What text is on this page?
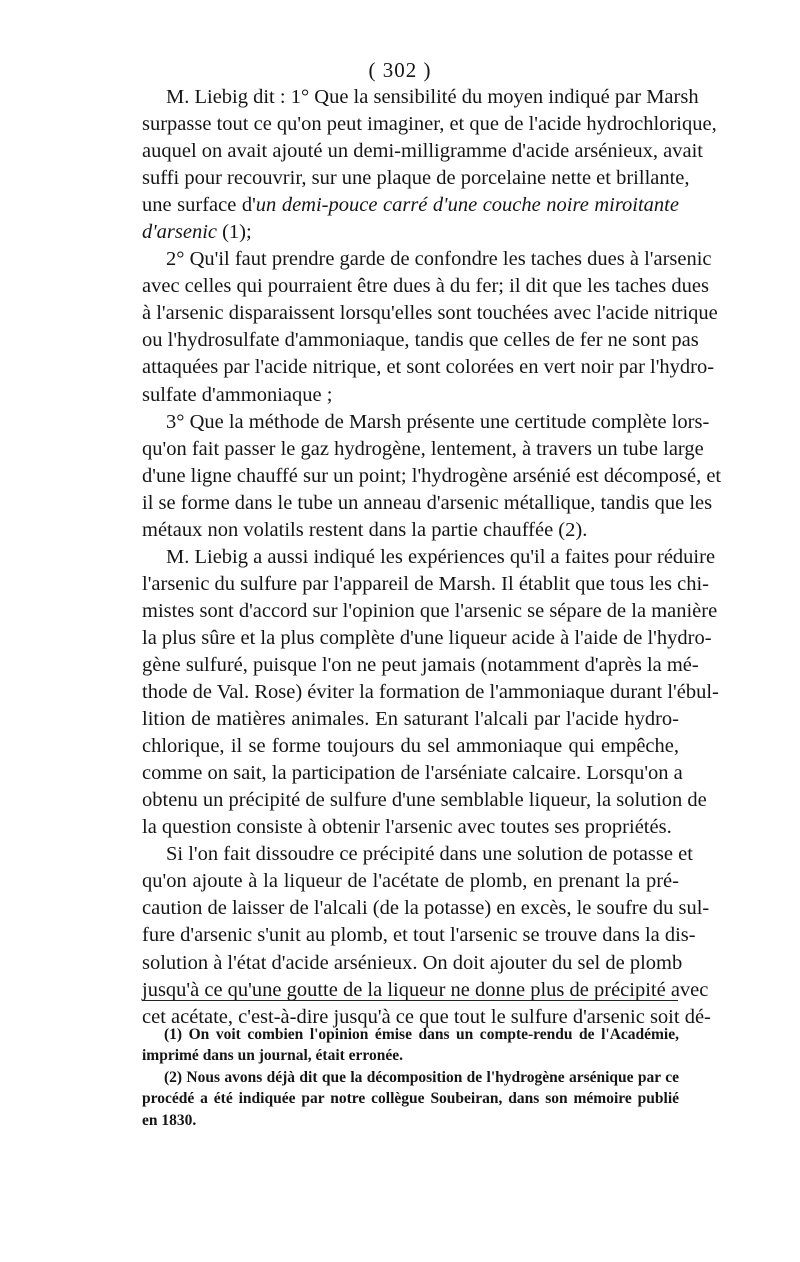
( 302 )
M. Liebig dit : 1° Que la sensibilité du moyen indiqué par Marsh
surpasse tout ce qu'on peut imaginer, et que de l'acide hydrochlorique,
auquel on avait ajouté un demi-milligramme d'acide arsénieux, avait
suffi pour recouvrir, sur une plaque de porcelaine nette et brillante,
une surface d'un demi-pouce carré d'une couche noire miroitante
d'arsenic (1);
2° Qu'il faut prendre garde de confondre les taches dues à l'arsenic
avec celles qui pourraient être dues à du fer; il dit que les taches dues
à l'arsenic disparaissent lorsqu'elles sont touchées avec l'acide nitrique
ou l'hydrosulfate d'ammoniaque, tandis que celles de fer ne sont pas
attaquées par l'acide nitrique, et sont colorées en vert noir par l'hydro-
sulfate d'ammoniaque ;
3° Que la méthode de Marsh présente une certitude complète lors-
qu'on fait passer le gaz hydrogène, lentement, à travers un tube large
d'une ligne chauffé sur un point; l'hydrogène arsénié est décomposé, et
il se forme dans le tube un anneau d'arsenic métallique, tandis que les
métaux non volatils restent dans la partie chauffée (2).
M. Liebig a aussi indiqué les expériences qu'il a faites pour réduire
l'arsenic du sulfure par l'appareil de Marsh. Il établit que tous les chi-
mistes sont d'accord sur l'opinion que l'arsenic se sépare de la manière
la plus sûre et la plus complète d'une liqueur acide à l'aide de l'hydro-
gène sulfuré, puisque l'on ne peut jamais (notamment d'après la mé-
thode de Val. Rose) éviter la formation de l'ammoniaque durant l'ébul-
lition de matières animales. En saturant l'alcali par l'acide hydro-
chlorique, il se forme toujours du sel ammoniaque qui empêche,
comme on sait, la participation de l'arséniate calcaire. Lorsqu'on a
obtenu un précipité de sulfure d'une semblable liqueur, la solution de
la question consiste à obtenir l'arsenic avec toutes ses propriétés.
Si l'on fait dissoudre ce précipité dans une solution de potasse et
qu'on ajoute à la liqueur de l'acétate de plomb, en prenant la pré-
caution de laisser de l'alcali (de la potasse) en excès, le soufre du sul-
fure d'arsenic s'unit au plomb, et tout l'arsenic se trouve dans la dis-
solution à l'état d'acide arsénieux. On doit ajouter du sel de plomb
jusqu'à ce qu'une goutte de la liqueur ne donne plus de précipité avec
cet acétate, c'est-à-dire jusqu'à ce que tout le sulfure d'arsenic soit dé-
(1) On voit combien l'opinion émise dans un compte-rendu de l'Académie,
imprimé dans un journal, était erronée.
(2) Nous avons déjà dit que la décomposition de l'hydrogène arsénique par ce
procédé a été indiquée par notre collègue Soubeiran, dans son mémoire publié
en 1830.
